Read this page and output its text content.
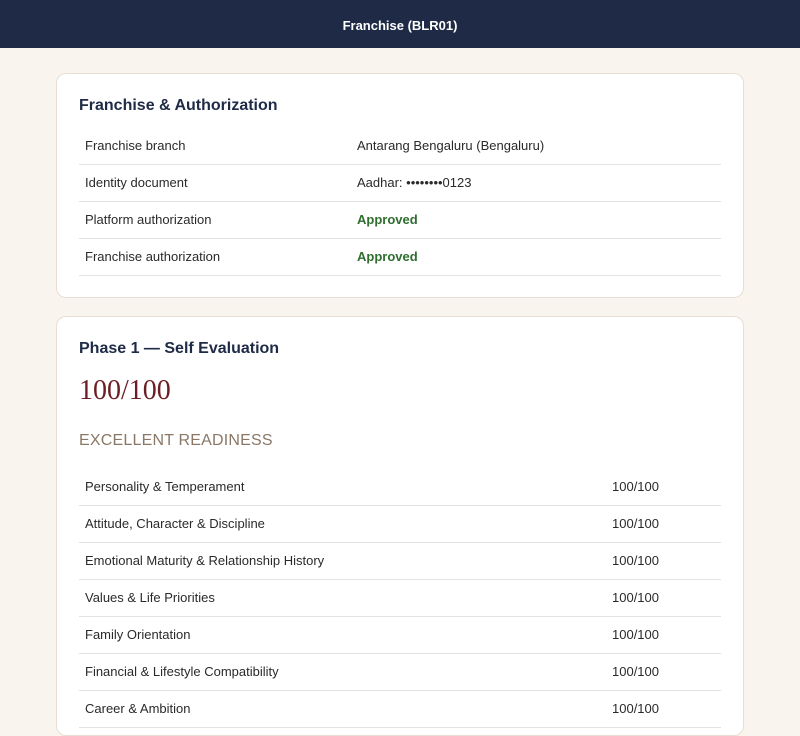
Franchise (BLR01)
Franchise & Authorization
Franchise branch	Antarang Bengaluru (Bengaluru)
Identity document	Aadhar: ••••••••0123
Platform authorization	Approved
Franchise authorization	Approved
Phase 1 — Self Evaluation
100/100
EXCELLENT READINESS
Personality & Temperament	100/100
Attitude, Character & Discipline	100/100
Emotional Maturity & Relationship History	100/100
Values & Life Priorities	100/100
Family Orientation	100/100
Financial & Lifestyle Compatibility	100/100
Career & Ambition	100/100
